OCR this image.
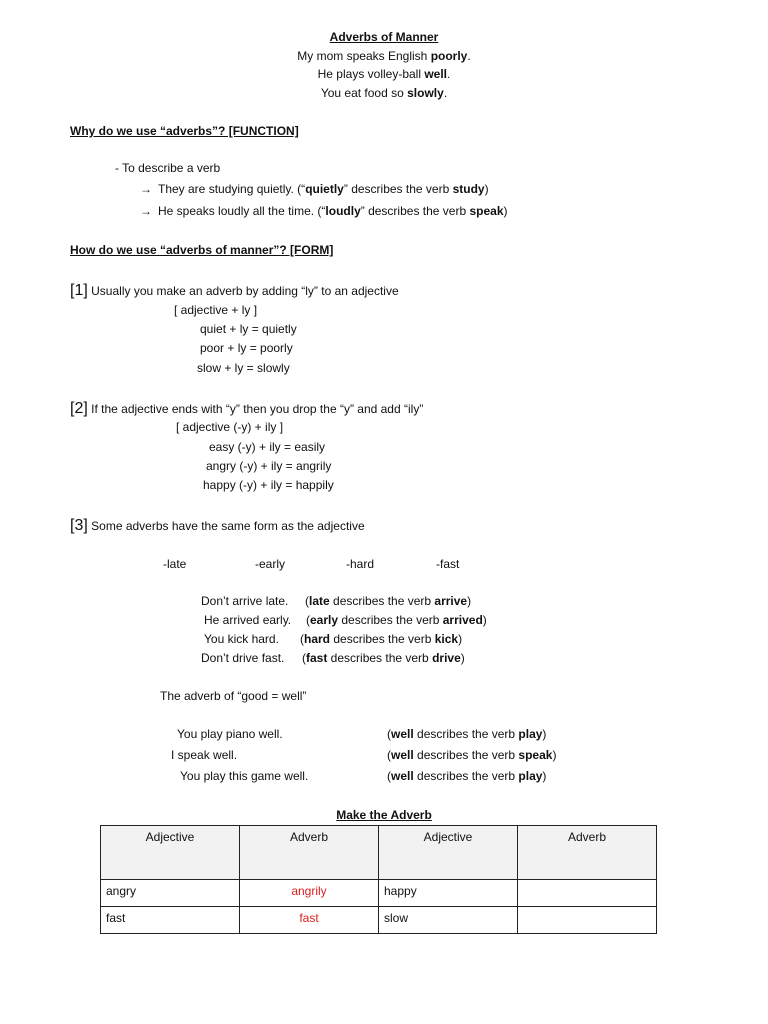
Adverbs of Manner
My mom speaks English poorly.
He plays volley-ball well.
You eat food so slowly.
Why do we use “adverbs”? [FUNCTION]
- To describe a verb
→ They are studying quietly. (“quietly” describes the verb study)
→ He speaks loudly all the time. (“loudly” describes the verb speak)
How do we use “adverbs of manner”? [FORM]
[1] Usually you make an adverb by adding “ly” to an adjective
[ adjective + ly ]
quiet + ly = quietly
poor + ly = poorly
slow + ly = slowly
[2] If the adjective ends with “y” then you drop the “y” and add “ily”
[ adjective (-y) + ily ]
easy (-y) + ily = easily
angry (-y) + ily = angrily
happy (-y) + ily = happily
[3] Some adverbs have the same form as the adjective
-late	-early	-hard	-fast
Don’t arrive late. (late describes the verb arrive)
He arrived early. (early describes the verb arrived)
You kick hard. (hard describes the verb kick)
Don’t drive fast. (fast describes the verb drive)
The adverb of “good = well”
You play piano well.	(well describes the verb play)
I speak well.	(well describes the verb speak)
You play this game well.	(well describes the verb play)
Make the Adverb
Adjective	Adverb	Adjective	Adverb
angry	angrily	happy	
fast	fast	slow	
